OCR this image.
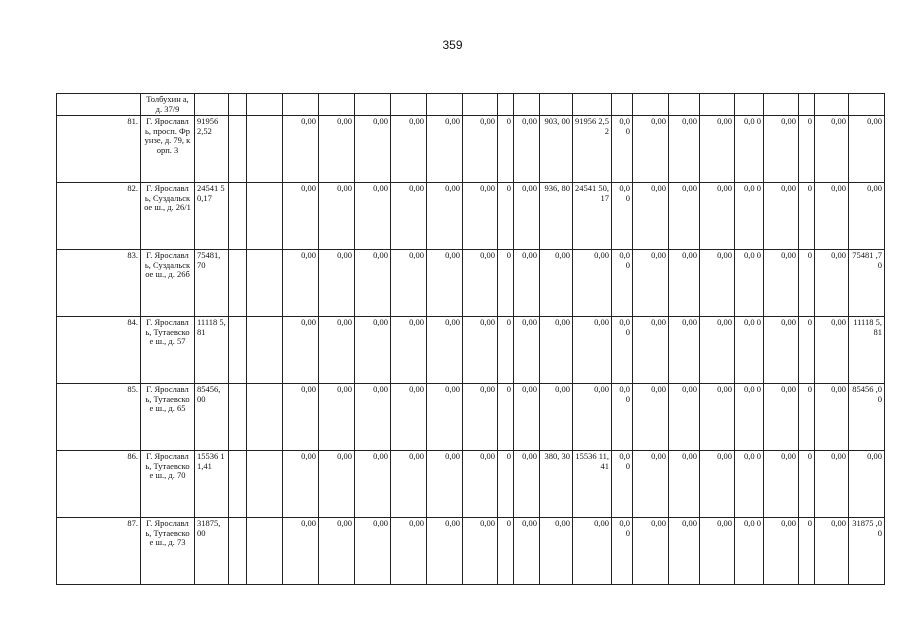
359
	Толбухин а, д. 37/9																						
81.	Г. Ярославл ь, просп. Фрунзе, д. 79, корп. 3	91956 2,52			0,00	0,00	0,00	0,00	0,00	0,00	0	0,00	903, 00	91956 2,52	0,0 0	0,00	0,00	0,00	0,0 0	0,00	0	0,00	0,00
82.	Г. Ярославл ь, Суздальск ое ш., д. 26/1	24541 50,17			0,00	0,00	0,00	0,00	0,00	0,00	0	0,00	936, 80	24541 50,17	0,0 0	0,00	0,00	0,00	0,0 0	0,00	0	0,00	0,00
83.	Г. Ярославл ь, Суздальск ое ш., д. 26б	75481, 70			0,00	0,00	0,00	0,00	0,00	0,00	0	0,00	0,00	0,00	0,0 0	0,00	0,00	0,00	0,0 0	0,00	0	0,00	75481 ,70
84.	Г. Ярославл ь, Тутаевско е ш., д. 57	11118 5,81			0,00	0,00	0,00	0,00	0,00	0,00	0	0,00	0,00	0,00	0,0 0	0,00	0,00	0,00	0,0 0	0,00	0	0,00	11118 5,81
85.	Г. Ярославл ь, Тутаевско е ш., д. 65	85456, 00			0,00	0,00	0,00	0,00	0,00	0,00	0	0,00	0,00	0,00	0,0 0	0,00	0,00	0,00	0,0 0	0,00	0	0,00	85456 ,00
86.	Г. Ярославл ь, Тутаевско е ш., д. 70	15536 11,41			0,00	0,00	0,00	0,00	0,00	0,00	0	0,00	380, 30	15536 11,41	0,0 0	0,00	0,00	0,00	0,0 0	0,00	0	0,00	0,00
87.	Г. Ярославл ь, Тутаевско е ш., д. 73	31875, 00			0,00	0,00	0,00	0,00	0,00	0,00	0	0,00	0,00	0,00	0,0 0	0,00	0,00	0,00	0,0 0	0,00	0	0,00	31875 ,00
